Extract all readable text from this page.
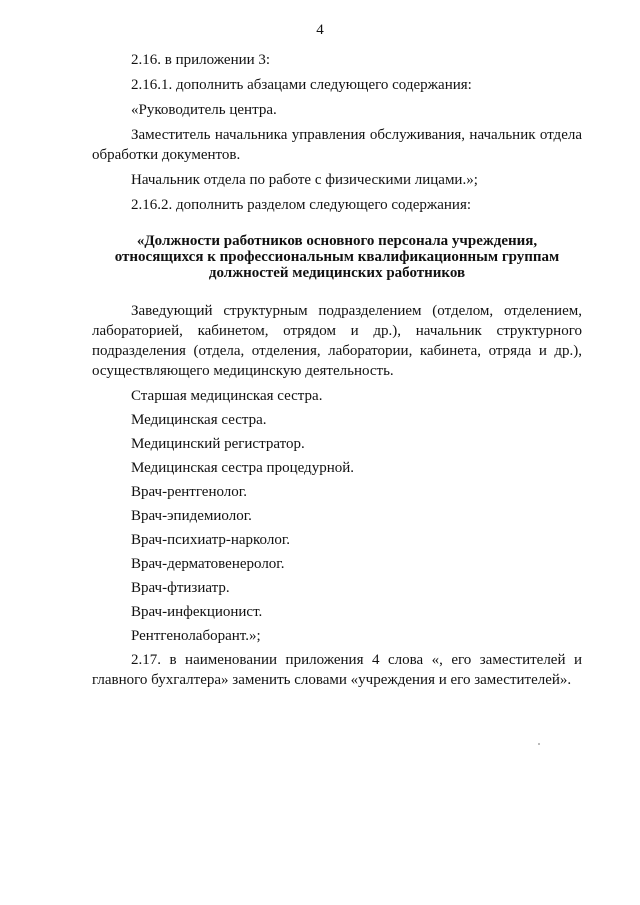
4

2.16. в приложении 3:

2.16.1. дополнить абзацами следующего содержания:

«Руководитель центра.

Заместитель начальника управления обслуживания, начальник отдела обработки документов.

Начальник отдела по работе с физическими лицами.»;

2.16.2. дополнить разделом следующего содержания:

«Должности работников основного персонала учреждения,
относящихся к профессиональным квалификационным группам
должностей медицинских работников

Заведующий структурным подразделением (отделом, отделением, лабораторией, кабинетом, отрядом и др.), начальник структурного подразделения (отдела, отделения, лаборатории, кабинета, отряда и др.), осуществляющего медицинскую деятельность.

Старшая медицинская сестра.

Медицинская сестра.

Медицинский регистратор.

Медицинская сестра процедурной.

Врач-рентгенолог.

Врач-эпидемиолог.

Врач-психиатр-нарколог.

Врач-дерматовенеролог.

Врач-фтизиатр.

Врач-инфекционист.

Рентгенолаборант.»;

2.17. в наименовании приложения 4 слова «, его заместителей и главного бухгалтера» заменить словами «учреждения и его заместителей».
